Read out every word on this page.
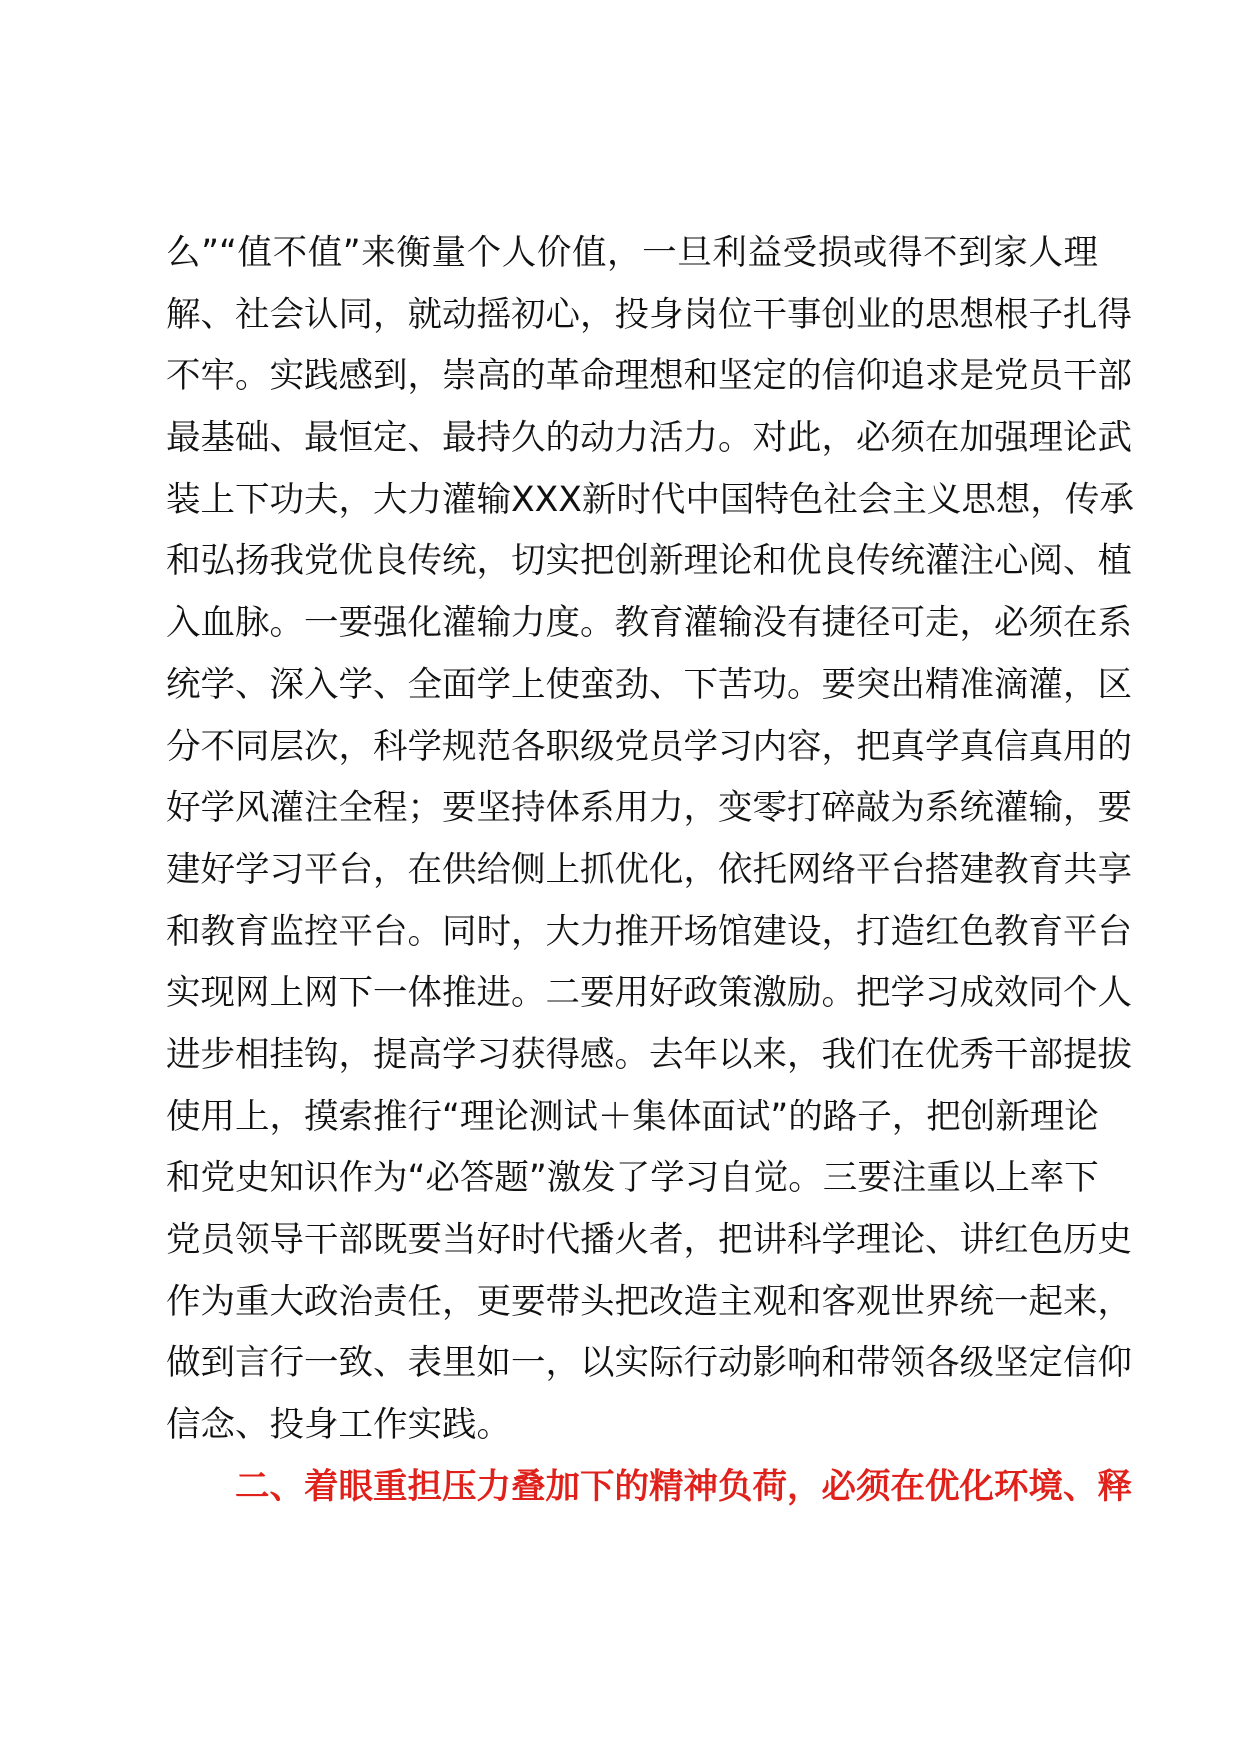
么”“值不值”来衡量个人价值，一旦利益受损或得不到家人理
解、社会认同，就动摇初心，投身岗位干事创业的思想根子扎得
不牢。实践感到，崇高的革命理想和坚定的信仰追求是党员干部
最基础、最恒定、最持久的动力活力。对此，必须在加强理论武
装上下功夫，大力灌输XXX新时代中国特色社会主义思想，传承
和弘扬我党优良传统，切实把创新理论和优良传统灌注心阅、植
入血脉。一要强化灌输力度。教育灌输没有捷径可走，必须在系
统学、深入学、全面学上使蛮劲、下苦功。要突出精准滴灌，区
分不同层次，科学规范各职级党员学习内容，把真学真信真用的
好学风灌注全程；要坚持体系用力，变零打碎敲为系统灌输，要
建好学习平台，在供给侧上抓优化，依托网络平台搭建教育共享
和教育监控平台。同时，大力推开场馆建设，打造红色教育平台
实现网上网下一体推进。二要用好政策激励。把学习成效同个人
进步相挂钩，提高学习获得感。去年以来，我们在优秀干部提拔
使用上，摸索推行“理论测试＋集体面试”的路子，把创新理论
和党史知识作为“必答题”激发了学习自觉。三要注重以上率下
党员领导干部既要当好时代播火者，把讲科学理论、讲红色历史
作为重大政治责任，更要带头把改造主观和客观世界统一起来，
做到言行一致、表里如一，以实际行动影响和带领各级坚定信仰
信念、投身工作实践。
二、着眼重担压力叠加下的精神负荷，必须在优化环境、释
